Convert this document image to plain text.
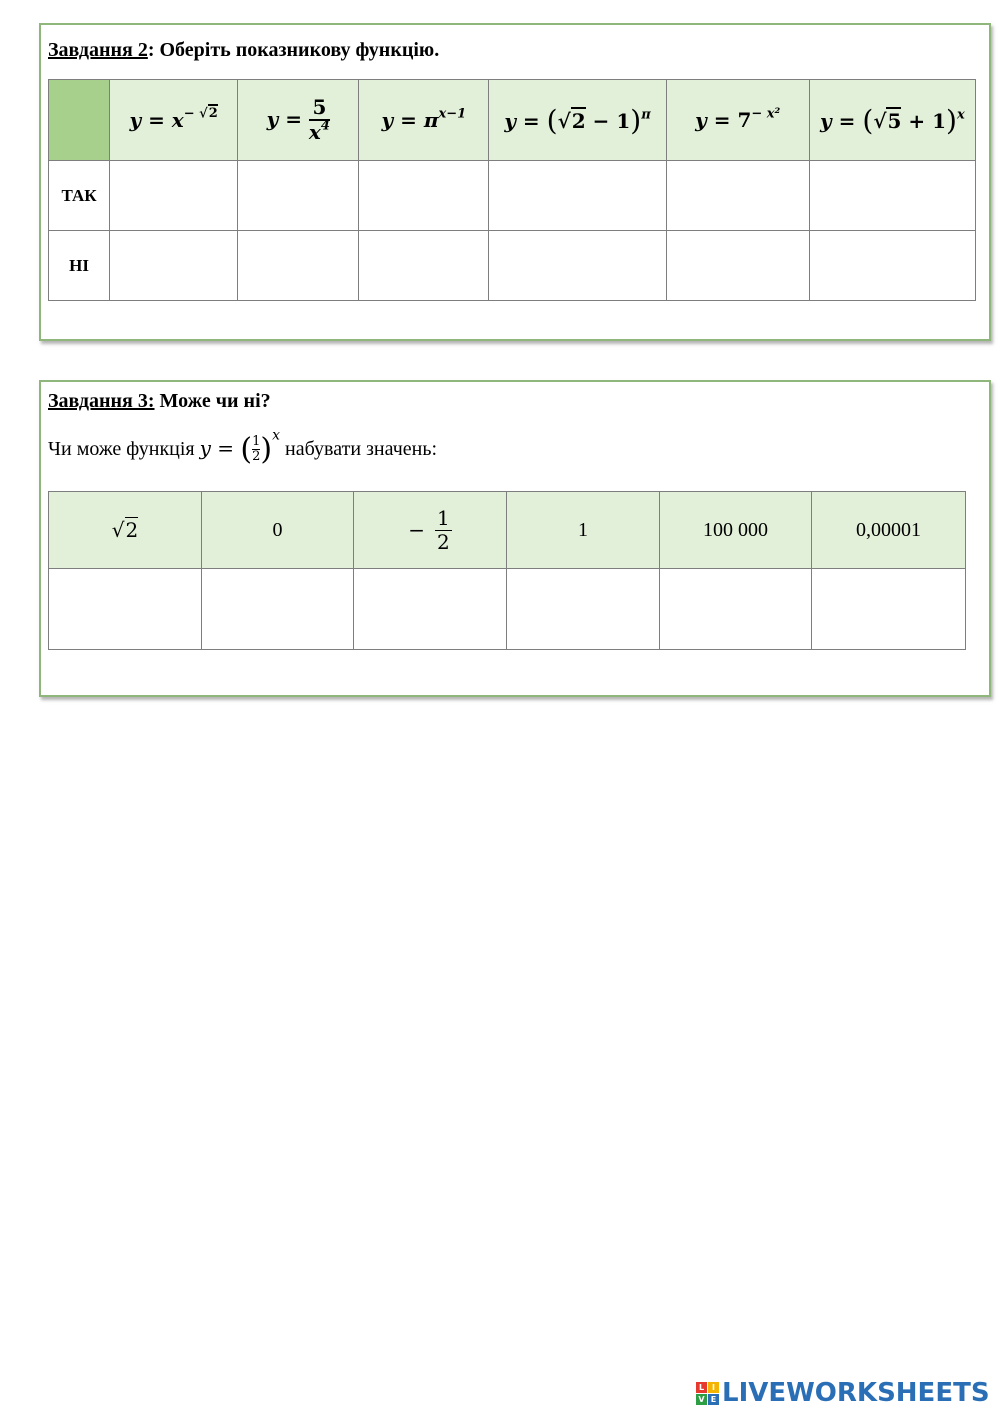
Завдання 2: Оберіть показникову функцію.
	$y = x^{- √2}$	$y = \frac{5}{x^4}$	$y = \pi^{x-1}$	$y = (√2 - 1)^\pi$	$y = 7^{- x^2}$	$y = (√5 + 1)^x$
ТАК						
НІ						
Завдання 3: Може чи ні?
Чи може функція y = ( $\frac{1}{2} )^x$ набувати значень:
√2	0	− $\frac{1}{2}$	1	100 000	0,00001

L I
V E LIVEWORKSHEETS
